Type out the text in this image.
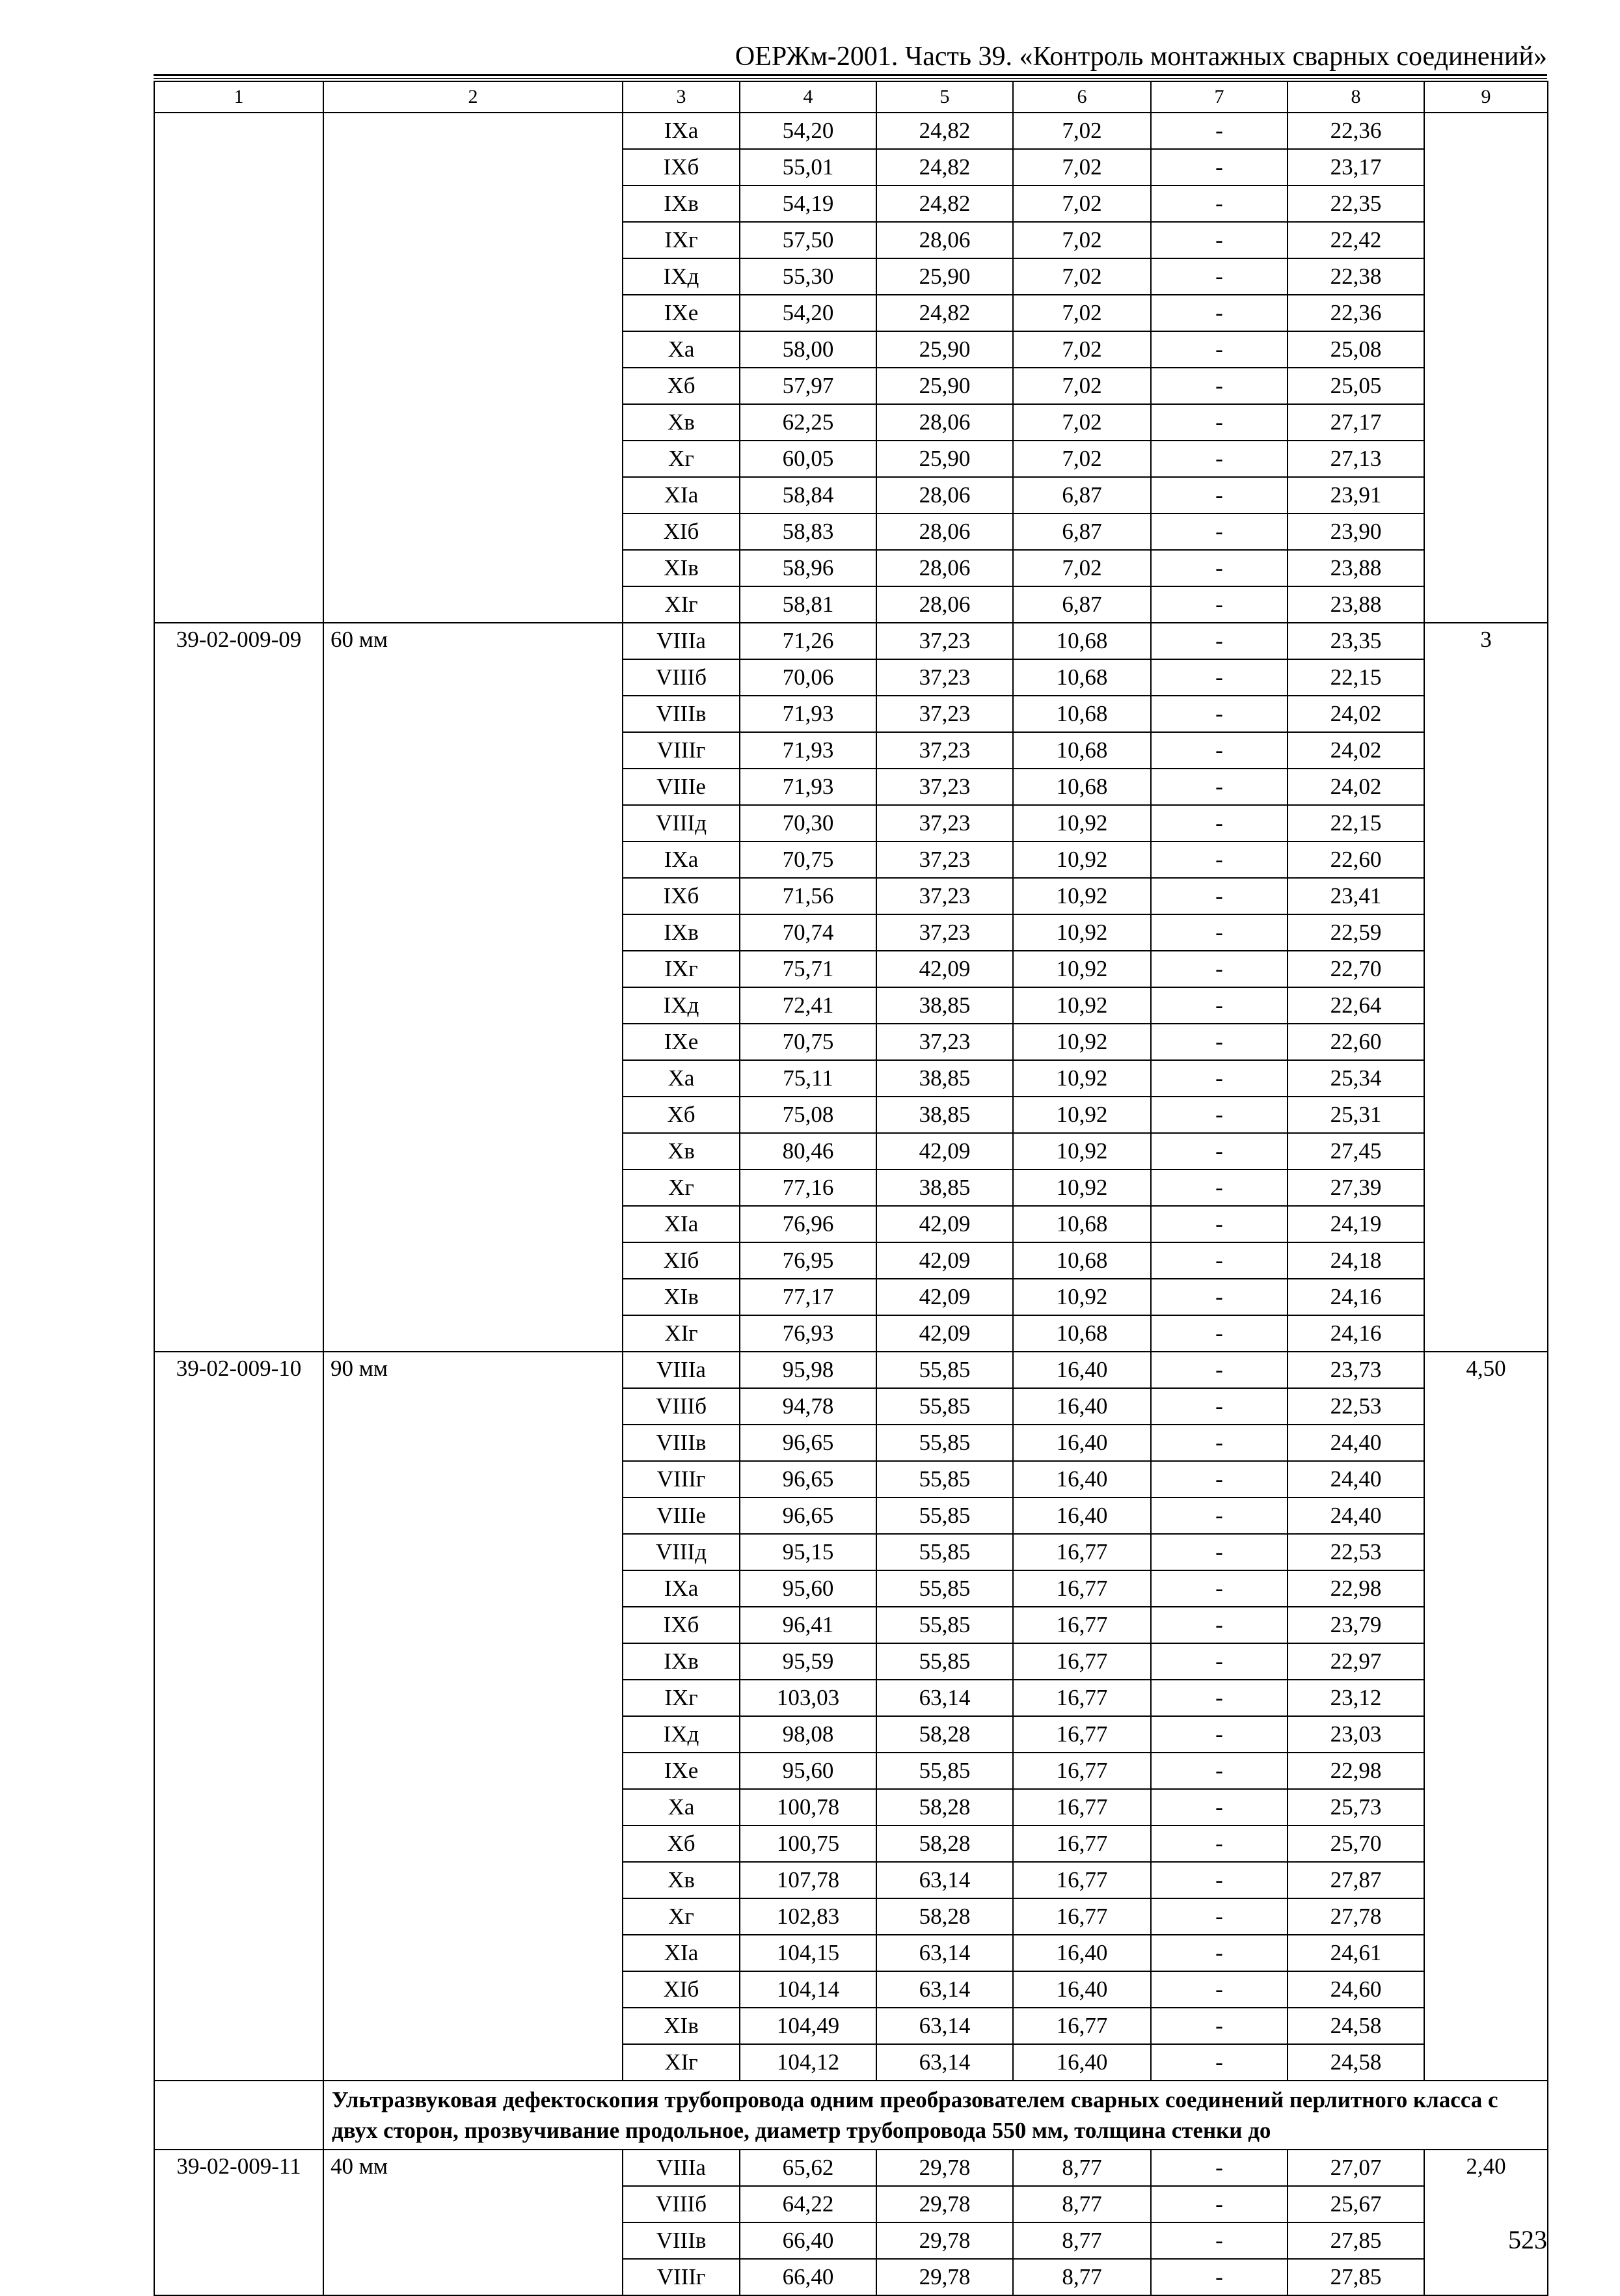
ОЕРЖм-2001. Часть 39. «Контроль монтажных сварных соединений»
1	2	3	4	5	6	7	8	9
		IXа	54,20	24,82	7,02	-	22,36	
		IXб	55,01	24,82	7,02	-	23,17	
		IXв	54,19	24,82	7,02	-	22,35	
		IXг	57,50	28,06	7,02	-	22,42	
		IXд	55,30	25,90	7,02	-	22,38	
		IXе	54,20	24,82	7,02	-	22,36	
		Xа	58,00	25,90	7,02	-	25,08	
		Xб	57,97	25,90	7,02	-	25,05	
		Xв	62,25	28,06	7,02	-	27,17	
		Xг	60,05	25,90	7,02	-	27,13	
		XIа	58,84	28,06	6,87	-	23,91	
		XIб	58,83	28,06	6,87	-	23,90	
		XIв	58,96	28,06	7,02	-	23,88	
		XIг	58,81	28,06	6,87	-	23,88	
39-02-009-09	60 мм	VIIIа	71,26	37,23	10,68	-	23,35	3
		VIIIб	70,06	37,23	10,68	-	22,15	
		VIIIв	71,93	37,23	10,68	-	24,02	
		VIIIг	71,93	37,23	10,68	-	24,02	
		VIIIе	71,93	37,23	10,68	-	24,02	
		VIIIд	70,30	37,23	10,92	-	22,15	
		IXа	70,75	37,23	10,92	-	22,60	
		IXб	71,56	37,23	10,92	-	23,41	
		IXв	70,74	37,23	10,92	-	22,59	
		IXг	75,71	42,09	10,92	-	22,70	
		IXд	72,41	38,85	10,92	-	22,64	
		IXе	70,75	37,23	10,92	-	22,60	
		Xа	75,11	38,85	10,92	-	25,34	
		Xб	75,08	38,85	10,92	-	25,31	
		Xв	80,46	42,09	10,92	-	27,45	
		Xг	77,16	38,85	10,92	-	27,39	
		XIа	76,96	42,09	10,68	-	24,19	
		XIб	76,95	42,09	10,68	-	24,18	
		XIв	77,17	42,09	10,92	-	24,16	
		XIг	76,93	42,09	10,68	-	24,16	
39-02-009-10	90 мм	VIIIа	95,98	55,85	16,40	-	23,73	4,50
		VIIIб	94,78	55,85	16,40	-	22,53	
		VIIIв	96,65	55,85	16,40	-	24,40	
		VIIIг	96,65	55,85	16,40	-	24,40	
		VIIIе	96,65	55,85	16,40	-	24,40	
		VIIIд	95,15	55,85	16,77	-	22,53	
		IXа	95,60	55,85	16,77	-	22,98	
		IXб	96,41	55,85	16,77	-	23,79	
		IXв	95,59	55,85	16,77	-	22,97	
		IXг	103,03	63,14	16,77	-	23,12	
		IXд	98,08	58,28	16,77	-	23,03	
		IXе	95,60	55,85	16,77	-	22,98	
		Xа	100,78	58,28	16,77	-	25,73	
		Xб	100,75	58,28	16,77	-	25,70	
		Xв	107,78	63,14	16,77	-	27,87	
		Xг	102,83	58,28	16,77	-	27,78	
		XIа	104,15	63,14	16,40	-	24,61	
		XIб	104,14	63,14	16,40	-	24,60	
		XIв	104,49	63,14	16,77	-	24,58	
		XIг	104,12	63,14	16,40	-	24,58	
	Ультразвуковая дефектоскопия трубопровода одним преобразователем сварных соединений перлитного класса с двух сторон, прозвучивание продольное, диаметр трубопровода 550 мм, толщина стенки до							
39-02-009-11	40 мм	VIIIа	65,62	29,78	8,77	-	27,07	2,40
		VIIIб	64,22	29,78	8,77	-	25,67	
		VIIIв	66,40	29,78	8,77	-	27,85	
		VIIIг	66,40	29,78	8,77	-	27,85	
523
